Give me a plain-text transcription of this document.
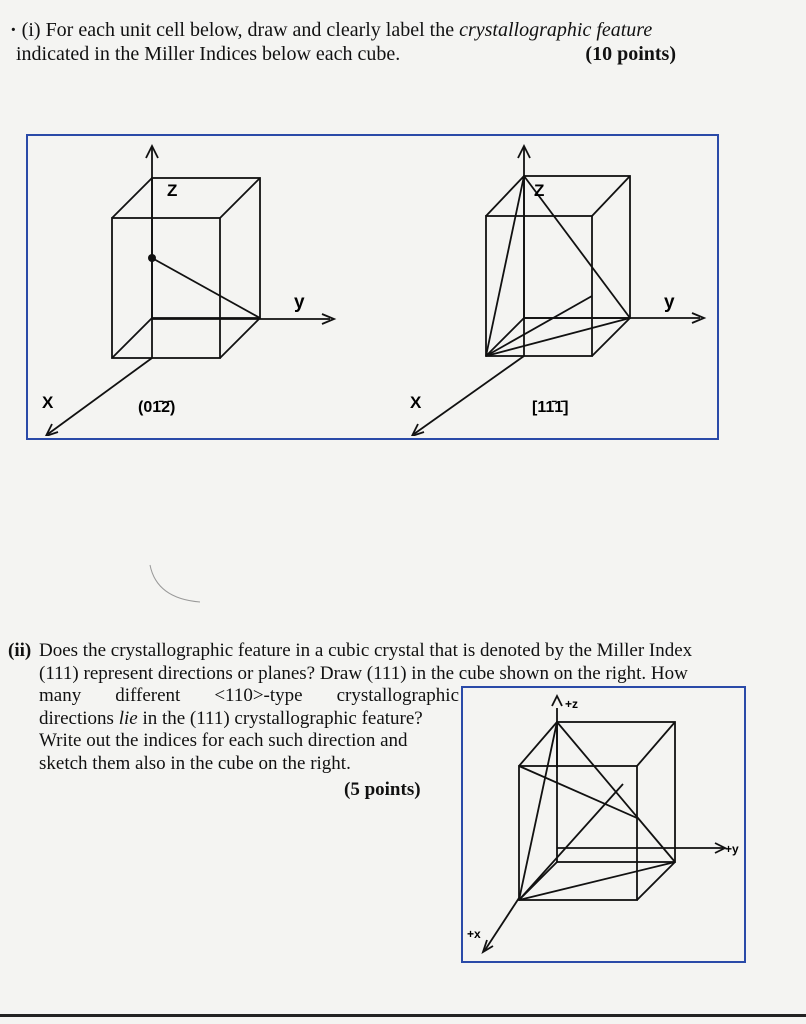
· (i) For each unit cell below, draw and clearly label the crystallographic feature
indicated in the Miller Indices below each cube.	(10 points)
Z
y
X	(01̄2̄)
Z
y
X	[11̄1̄]
(ii) Does the crystallographic feature in a cubic crystal that is denoted by the Miller Index
(111) represent directions or planes? Draw (111) in the cube shown on the right. How
many different <110>-type crystallographic
directions lie in the (111) crystallographic feature?
Write out the indices for each such direction and
sketch them also in the cube on the right.
(5 points)
+z
+y
+x
